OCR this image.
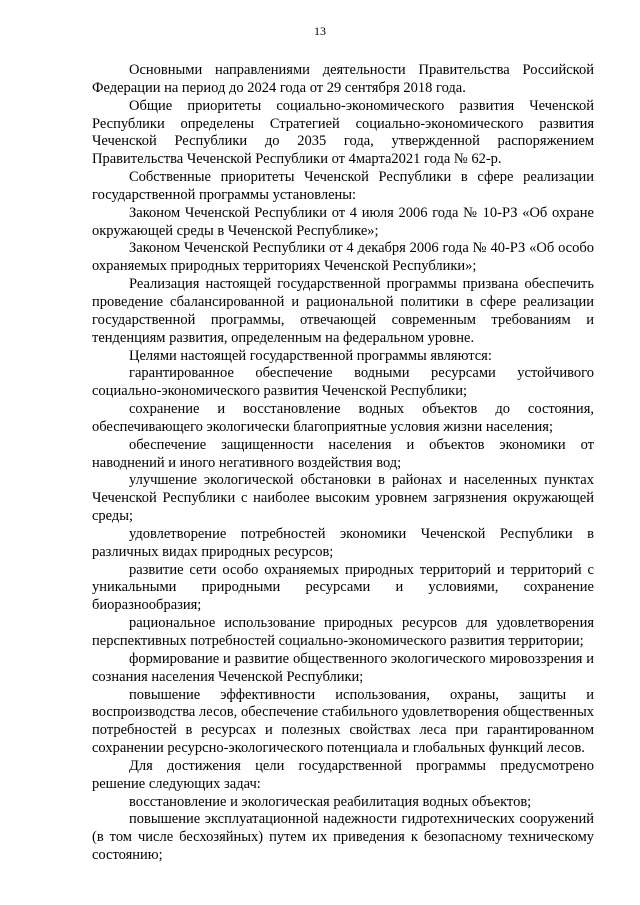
13

Основными направлениями деятельности Правительства Российской Федерации на период до 2024 года от 29 сентября 2018 года.

Общие приоритеты социально-экономического развития Чеченской Республики определены Стратегией социально-экономического развития Чеченской Республики до 2035 года, утвержденной распоряжением Правительства Чеченской Республики от 4марта2021 года № 62-р.

Собственные приоритеты Чеченской Республики в сфере реализации государственной программы установлены:

Законом Чеченской Республики от 4 июля 2006 года № 10-РЗ «Об охране окружающей среды в Чеченской Республике»;

Законом Чеченской Республики от 4 декабря 2006 года № 40-РЗ «Об особо охраняемых природных территориях Чеченской Республики»;

Реализация настоящей государственной программы призвана обеспечить проведение сбалансированной и рациональной политики в сфере реализации государственной программы, отвечающей современным требованиям и тенденциям развития, определенным на федеральном уровне.

Целями настоящей государственной программы являются:

гарантированное обеспечение водными ресурсами устойчивого социально-экономического развития Чеченской Республики;

сохранение и восстановление водных объектов до состояния, обеспечивающего экологически благоприятные условия жизни населения;

обеспечение защищенности населения и объектов экономики от наводнений и иного негативного воздействия вод;

улучшение экологической обстановки в районах и населенных пунктах Чеченской Республики с наиболее высоким уровнем загрязнения окружающей среды;

удовлетворение потребностей экономики Чеченской Республики в различных видах природных ресурсов;

развитие сети особо охраняемых природных территорий и территорий с уникальными природными ресурсами и условиями, сохранение биоразнообразия;

рациональное использование природных ресурсов для удовлетворения перспективных потребностей социально-экономического развития территории;

формирование и развитие общественного экологического мировоззрения и сознания населения Чеченской Республики;

повышение эффективности использования, охраны, защиты и воспроизводства лесов, обеспечение стабильного удовлетворения общественных потребностей в ресурсах и полезных свойствах леса при гарантированном сохранении ресурсно-экологического потенциала и глобальных функций лесов.

Для достижения цели государственной программы предусмотрено решение следующих задач:

восстановление и экологическая реабилитация водных объектов;

повышение эксплуатационной надежности гидротехнических сооружений (в том числе бесхозяйных) путем их приведения к безопасному техническому состоянию;
